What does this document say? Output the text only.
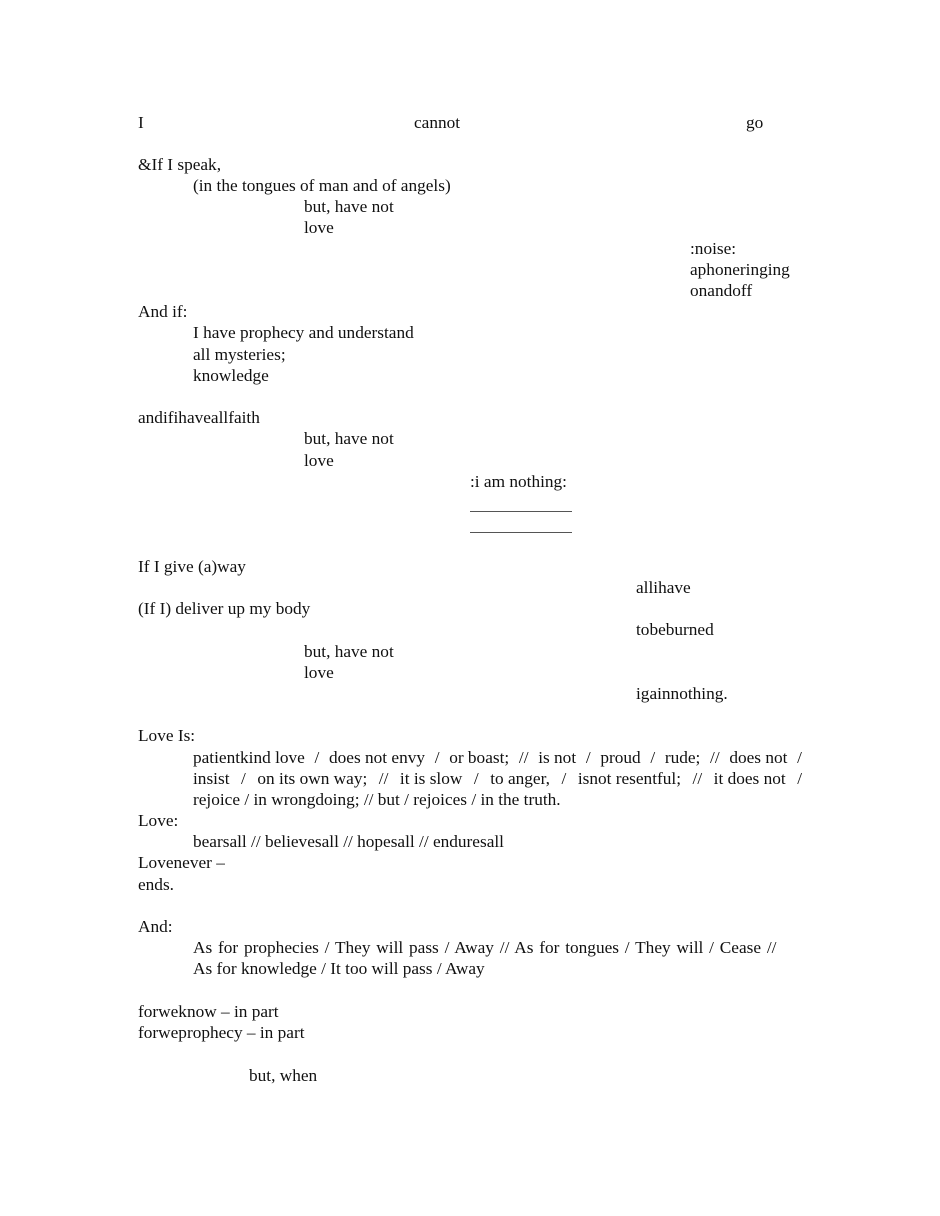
I	cannot	go
&If I speak,
(in the tongues of man and of angels)
but, have not
love
:noise:
aphoneringing
onandoff
And if:
I have prophecy and understand
all mysteries;
knowledge
andifihaveallfaith
but, have not
love
:i am nothing:
If I give (a)way
allihave
(If I) deliver up my body
tobeburned
but, have not
love
igainnothing.
Love Is:
patientkind love / does not envy / or boast; // is not / proud / rude; // does not /
insist / on its own way; // it is slow / to anger, / isnot resentful; // it does not /
rejoice / in wrongdoing; // but / rejoices / in the truth.
Love:
bearsall // believesall // hopesall // enduresall
Lovenever –
ends.
And:
As for prophecies / They will pass / Away // As for tongues / They will / Cease //
As for knowledge / It too will pass / Away
forweknow – in part
forweprophecy – in part
but, when
